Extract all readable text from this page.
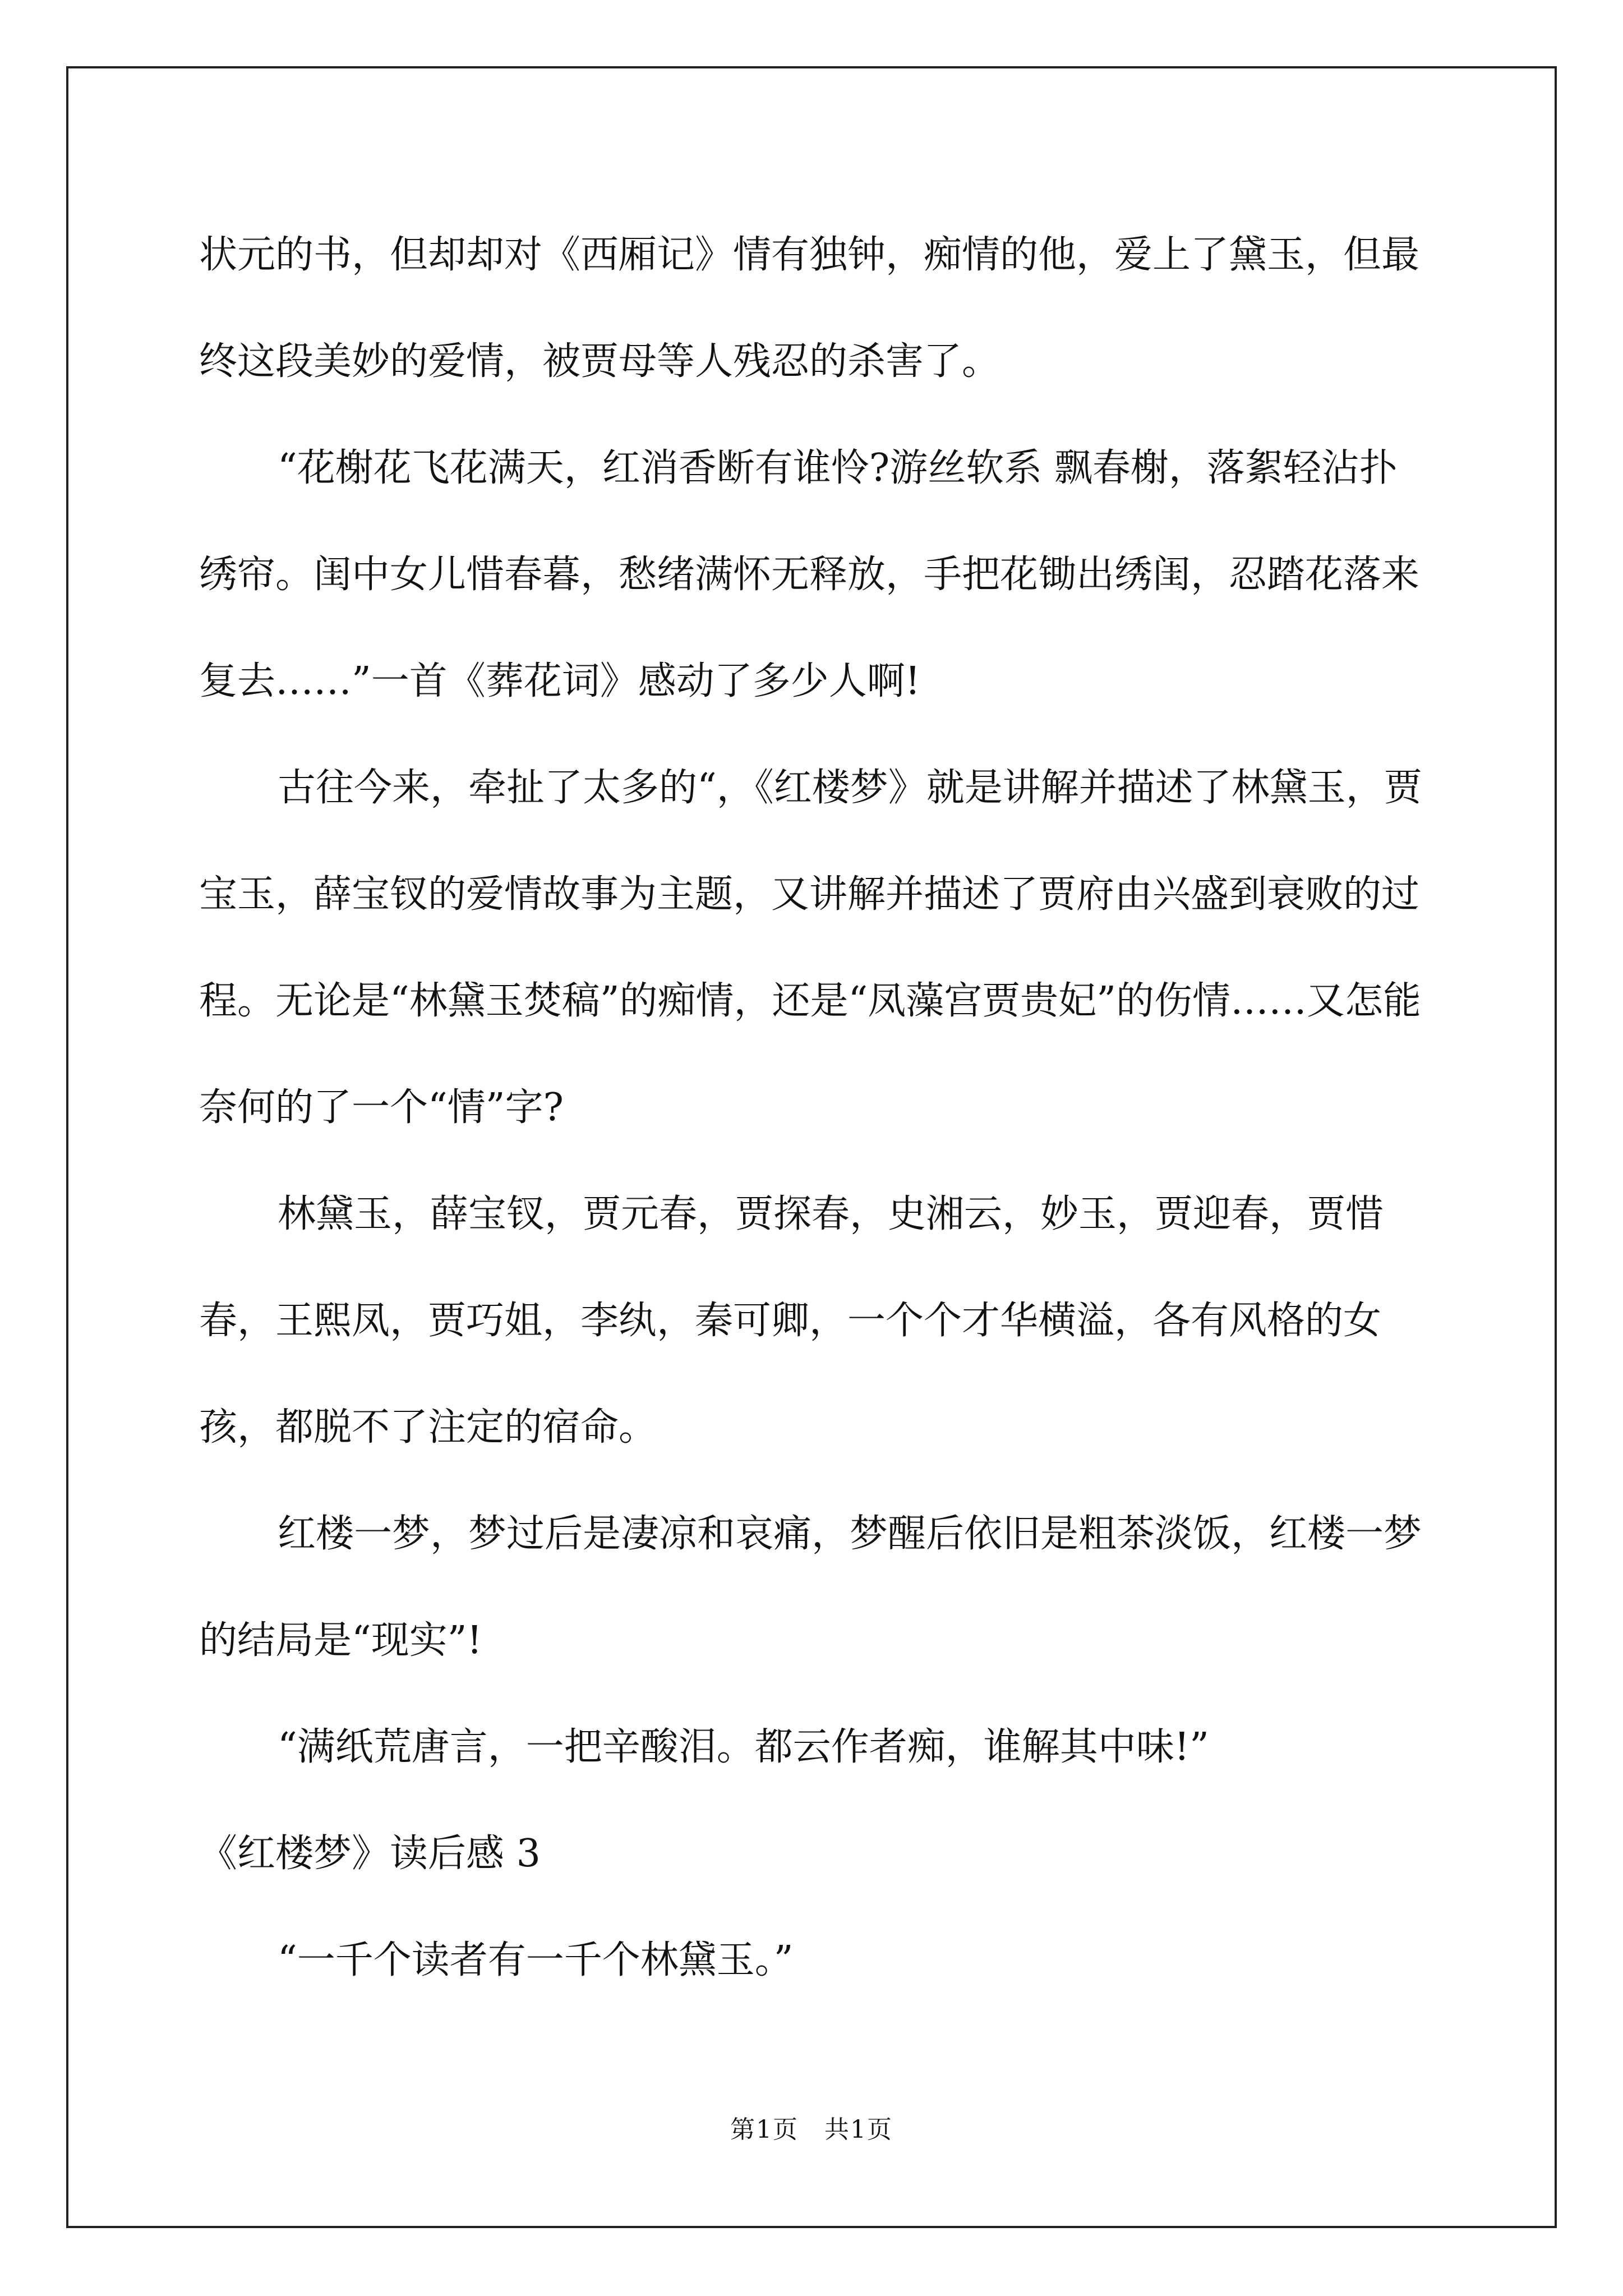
状元的书，但却却对《西厢记》情有独钟，痴情的他，爱上了黛玉，但最终这段美妙的爱情，被贾母等人残忍的杀害了。

“花榭花飞花满天，红消香断有谁怜?游丝软系 飘春榭，落絮轻沾扑绣帘。闺中女儿惜春暮，愁绪满怀无释放，手把花锄出绣闺，忍踏花落来复去……”一首《葬花词》感动了多少人啊!

古往今来，牵扯了太多的“，《红楼梦》就是讲解并描述了林黛玉，贾宝玉，薛宝钗的爱情故事为主题，又讲解并描述了贾府由兴盛到衰败的过程。无论是“林黛玉焚稿”的痴情，还是“凤藻宫贾贵妃”的伤情……又怎能奈何的了一个“情”字?

林黛玉，薛宝钗，贾元春，贾探春，史湘云，妙玉，贾迎春，贾惜春，王熙凤，贾巧姐，李纨，秦可卿，一个个才华横溢，各有风格的女孩，都脱不了注定的宿命。

红楼一梦，梦过后是凄凉和哀痛，梦醒后依旧是粗茶淡饭，红楼一梦的结局是“现实”!

“满纸荒唐言，一把辛酸泪。都云作者痴，谁解其中味!”

《红楼梦》读后感 3

“一千个读者有一千个林黛玉。”

第1页　共1页
